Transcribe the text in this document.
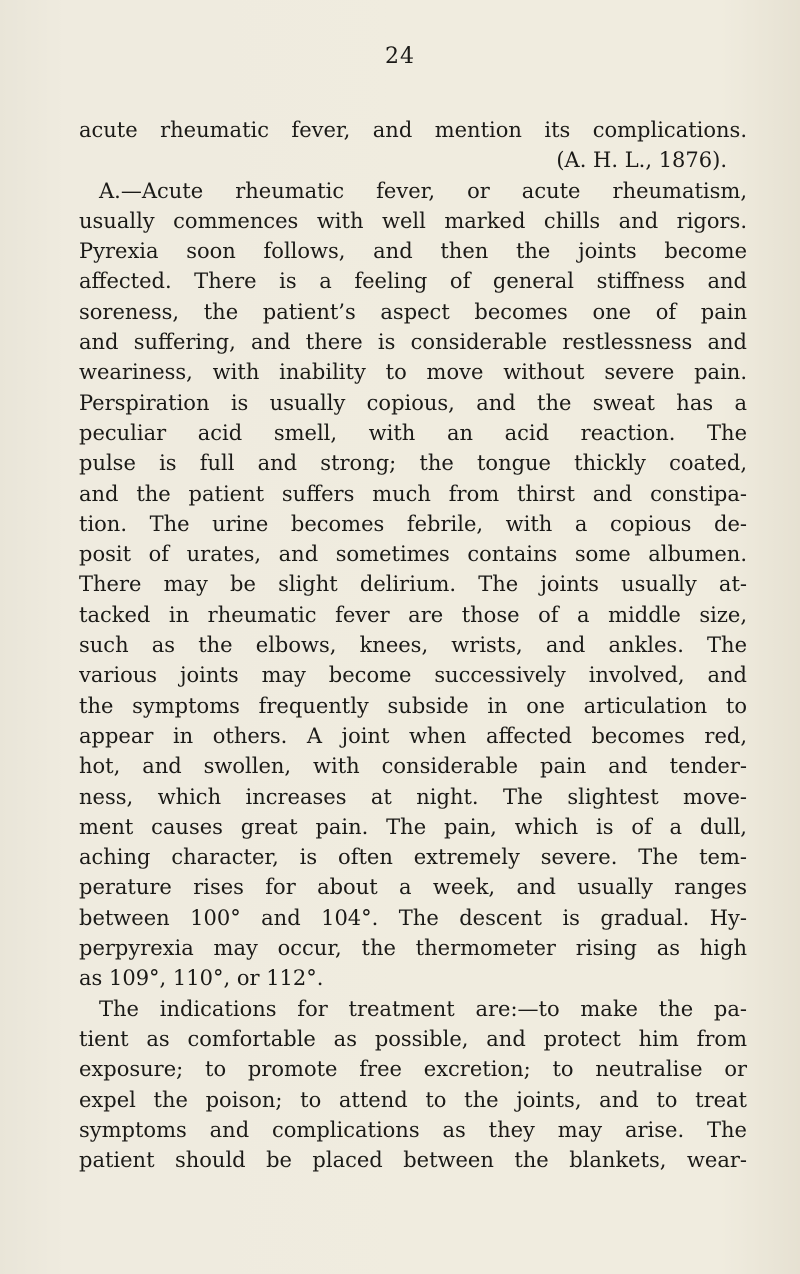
24
acute rheumatic fever, and mention its complications.
(A. H. L., 1876).
A.—Acute rheumatic fever, or acute rheumatism,
usually commences with well marked chills and rigors.
Pyrexia soon follows, and then the joints become
affected. There is a feeling of general stiffness and
soreness, the patient’s aspect becomes one of pain
and suffering, and there is considerable restlessness and
weariness, with inability to move without severe pain.
Perspiration is usually copious, and the sweat has a
peculiar acid smell, with an acid reaction. The
pulse is full and strong; the tongue thickly coated,
and the patient suffers much from thirst and constipa-
tion. The urine becomes febrile, with a copious de-
posit of urates, and sometimes contains some albumen.
There may be slight delirium. The joints usually at-
tacked in rheumatic fever are those of a middle size,
such as the elbows, knees, wrists, and ankles. The
various joints may become successively involved, and
the symptoms frequently subside in one articulation to
appear in others. A joint when affected becomes red,
hot, and swollen, with considerable pain and tender-
ness, which increases at night. The slightest move-
ment causes great pain. The pain, which is of a dull,
aching character, is often extremely severe. The tem-
perature rises for about a week, and usually ranges
between 100° and 104°. The descent is gradual. Hy-
perpyrexia may occur, the thermometer rising as high
as 109°, 110°, or 112°.
The indications for treatment are:—to make the pa-
tient as comfortable as possible, and protect him from
exposure; to promote free excretion; to neutralise or
expel the poison; to attend to the joints, and to treat
symptoms and complications as they may arise. The
patient should be placed between the blankets, wear-
